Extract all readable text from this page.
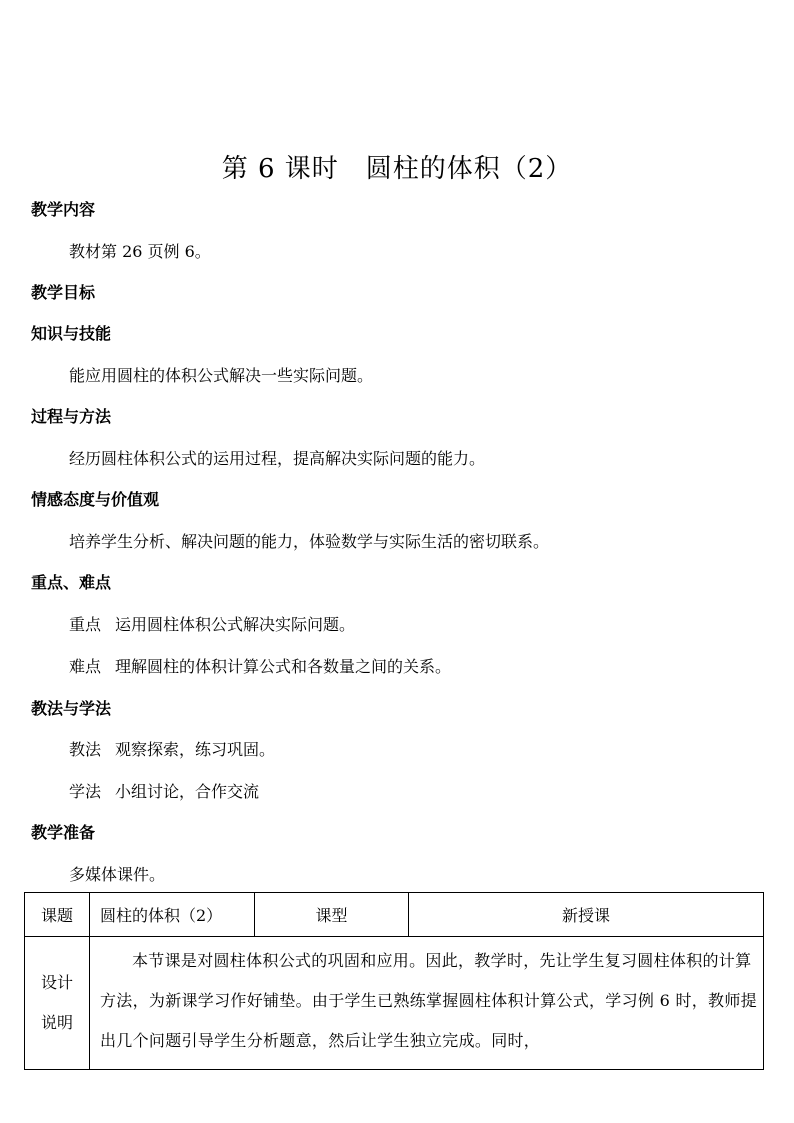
第 6 课时　圆柱的体积（2）
教学内容
教材第 26 页例 6。
教学目标
知识与技能
能应用圆柱的体积公式解决一些实际问题。
过程与方法
经历圆柱体积公式的运用过程，提高解决实际问题的能力。
情感态度与价值观
培养学生分析、解决问题的能力，体验数学与实际生活的密切联系。
重点、难点
重点 运用圆柱体积公式解决实际问题。
难点 理解圆柱的体积计算公式和各数量之间的关系。
教法与学法
教法 观察探索，练习巩固。
学法 小组讨论，合作交流
教学准备
多媒体课件。
课题	圆柱的体积（2）	课型	新授课

设计
说明	本节课是对圆柱体积公式的巩固和应用。因此，教学时，先让学生复习圆柱体积的计算方法，为新课学习作好铺垫。由于学生已熟练掌握圆柱体积计算公式，学习例 6 时，教师提出几个问题引导学生分析题意，然后让学生独立完成。同时，		
